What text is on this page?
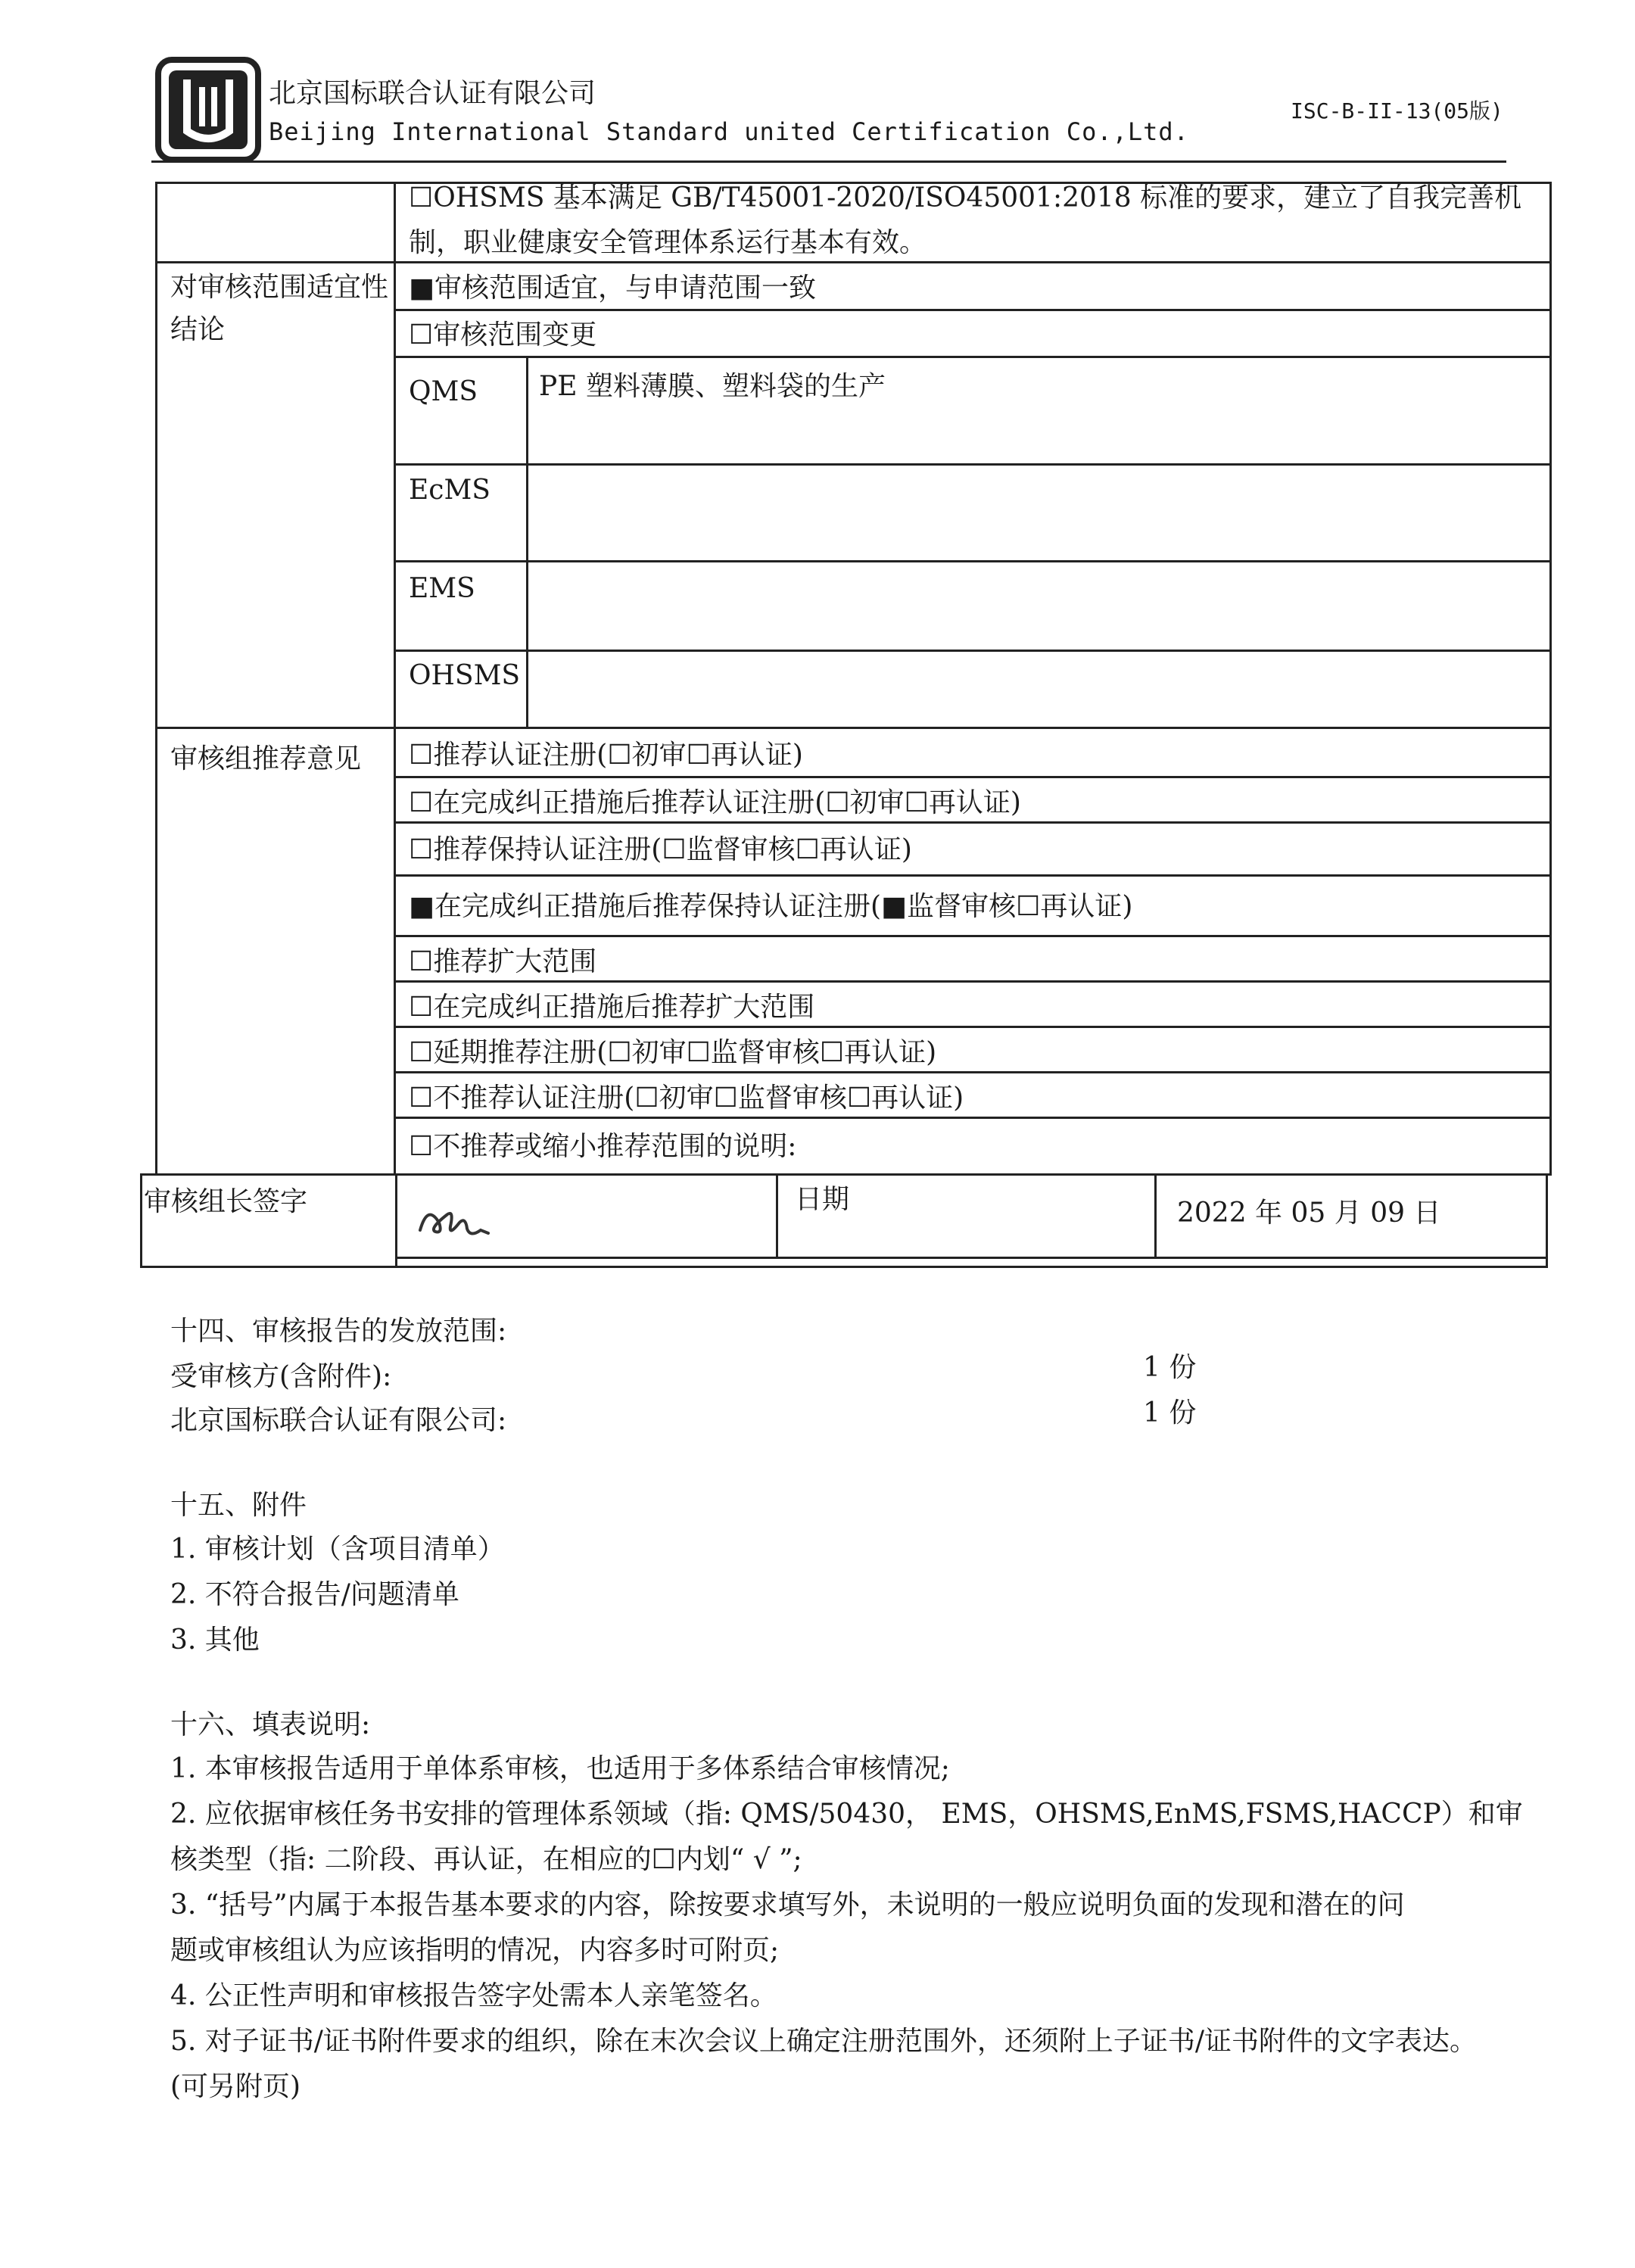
北京国标联合认证有限公司
Beijing International Standard united Certification Co.,Ltd.
ISC-B-II-13(05版)
☐OHSMS 基本满足 GB/T45001-2020/ISO45001:2018 标准的要求，建立了自我完善机制，职业健康安全管理体系运行基本有效。
对审核范围适宜性结论
■审核范围适宜，与申请范围一致
☐审核范围变更
QMS PE 塑料薄膜、塑料袋的生产
EcMS
EMS
OHSMS
审核组推荐意见 ☐推荐认证注册(☐初审☐再认证)
☐在完成纠正措施后推荐认证注册(☐初审☐再认证)
☐推荐保持认证注册(☐监督审核☐再认证)
■在完成纠正措施后推荐保持认证注册(■监督审核☐再认证)
☐推荐扩大范围
☐在完成纠正措施后推荐扩大范围
☐延期推荐注册(☐初审☐监督审核☐再认证)
☐不推荐认证注册(☐初审☐监督审核☐再认证)
☐不推荐或缩小推荐范围的说明:
审核组长签字	日期	2022 年 05 月 09 日
十四、审核报告的发放范围:
受审核方(含附件):	1 份
北京国标联合认证有限公司:	1 份
十五、附件
1. 审核计划（含项目清单）
2. 不符合报告/问题清单
3. 其他
十六、填表说明:
1. 本审核报告适用于单体系审核，也适用于多体系结合审核情况;
2. 应依据审核任务书安排的管理体系领域（指: QMS/50430， EMS，OHSMS,EnMS,FSMS,HACCP）和审
核类型（指: 二阶段、再认证，在相应的☐内划“ √ ”;
3. “括号”内属于本报告基本要求的内容，除按要求填写外，未说明的一般应说明负面的发现和潜在的问
题或审核组认为应该指明的情况，内容多时可附页;
4. 公正性声明和审核报告签字处需本人亲笔签名。
5. 对子证书/证书附件要求的组织，除在末次会议上确定注册范围外，还须附上子证书/证书附件的文字表达。
(可另附页)
